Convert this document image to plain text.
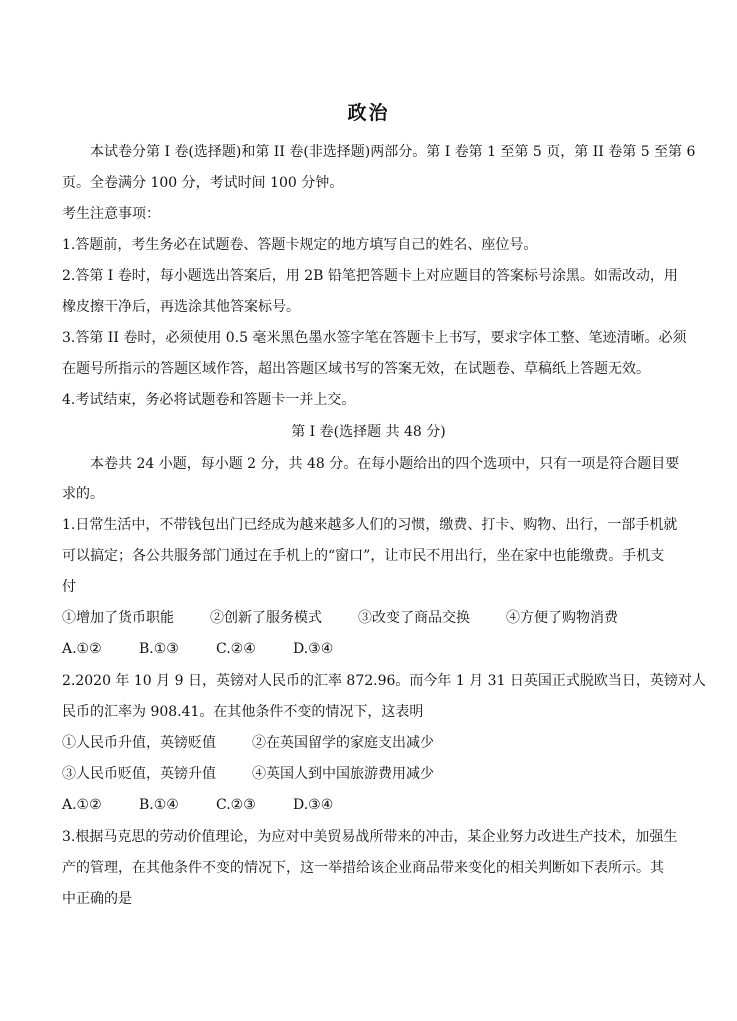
政治
本试卷分第 I 卷(选择题)和第 II 卷(非选择题)两部分。第 I 卷第 1 至第 5 页，第 II 卷第 5 至第 6
页。全卷满分 100 分，考试时间 100 分钟。
考生注意事项：
1.答题前，考生务必在试题卷、答题卡规定的地方填写自己的姓名、座位号。
2.答第 I 卷时，每小题选出答案后，用 2B 铅笔把答题卡上对应题目的答案标号涂黑。如需改动，用
橡皮擦干净后，再选涂其他答案标号。
3.答第 II 卷时，必须使用 0.5 毫米黑色墨水签字笔在答题卡上书写，要求字体工整、笔迹清晰。必须
在题号所指示的答题区域作答，超出答题区域书写的答案无效，在试题卷、草稿纸上答题无效。
4.考试结束，务必将试题卷和答题卡一并上交。
第 I 卷(选择题 共 48 分)
本卷共 24 小题，每小题 2 分，共 48 分。在每小题给出的四个选项中，只有一项是符合题目要
求的。
1.日常生活中，不带钱包出门已经成为越来越多人们的习惯，缴费、打卡、购物、出行，一部手机就
可以搞定；各公共服务部门通过在手机上的“窗口”，让市民不用出行，坐在家中也能缴费。手机支
付
①增加了货币职能	②创新了服务模式	③改变了商品交换	④方便了购物消费
A.①②	B.①③	C.②④	D.③④
2.2020 年 10 月 9 日，英镑对人民币的汇率 872.96。而今年 1 月 31 日英国正式脱欧当日，英镑对人
民币的汇率为 908.41。在其他条件不变的情况下，这表明
①人民币升值，英镑贬值	②在英国留学的家庭支出减少
③人民币贬值，英镑升值	④英国人到中国旅游费用减少
A.①②	B.①④	C.②③	D.③④
3.根据马克思的劳动价值理论，为应对中美贸易战所带来的冲击，某企业努力改进生产技术，加强生
产的管理，在其他条件不变的情况下，这一举措给该企业商品带来变化的相关判断如下表所示。其
中正确的是
